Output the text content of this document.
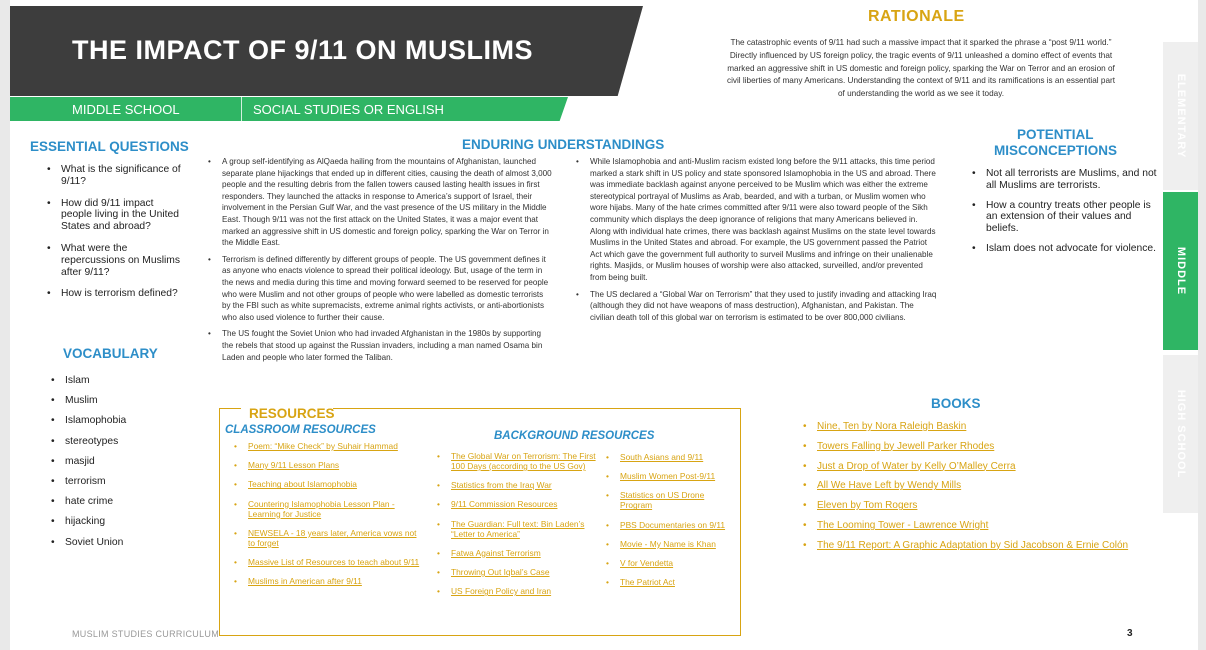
THE IMPACT OF 9/11 ON MUSLIMS
MIDDLE SCHOOL	SOCIAL STUDIES OR ENGLISH
RATIONALE

The catastrophic events of 9/11 had such a massive impact that it sparked the phrase a “post 9/11 world.” Directly influenced by US foreign policy, the tragic events of 9/11 unleashed a domino effect of events that marked an aggressive shift in US domestic and foreign policy, sparking the War on Terror and an erosion of civil liberties of many Americans. Understanding the context of 9/11 and its ramifications is an essential part of understanding the world as we see it today.	ELEMENTARY
MIDDLE
HIGH SCHOOL
ESSENTIAL QUESTIONS
• What is the significance of 9/11?
• How did 9/11 impact people living in the United States and abroad?
• What were the repercussions on Muslims after 9/11?
• How is terrorism defined?
VOCABULARY
• Islam
• Muslim
• Islamophobia
• stereotypes
• masjid
• terrorism
• hate crime
• hijacking
• Soviet Union
ENDURING UNDERSTANDINGS
• A group self-identifying as AlQaeda hailing from the mountains of Afghanistan, launched separate plane hijackings that ended up in different cities, causing the death of almost 3,000 people and the resulting debris from the fallen towers caused lasting health issues in first responders. They launched the attacks in response to America’s support of Israel, their involvement in the Persian Gulf War, and the vast presence of the US military in the Middle East. Though 9/11 was not the first attack on the United States, it was a major event that marked an aggressive shift in US domestic and foreign policy, sparking the War on Terror in the Middle East.
• Terrorism is defined differently by different groups of people. The US government defines it as anyone who enacts violence to spread their political ideology. But, usage of the term in the news and media during this time and moving forward seemed to be reserved for people who were Muslim and not other groups of people who were labelled as domestic terrorists by the FBI such as white supremacists, extreme animal rights activists, or anti-abortionists who also used violence to further their cause.
• The US fought the Soviet Union who had invaded Afghanistan in the 1980s by supporting the rebels that stood up against the Russian invaders, including a man named Osama bin Laden and people who later formed the Taliban.
• While Islamophobia and anti-Muslim racism existed long before the 9/11 attacks, this time period marked a stark shift in US policy and state sponsored Islamophobia in the US and abroad. There was immediate backlash against anyone perceived to be Muslim which was either the extreme stereotypical portrayal of Muslims as Arab, bearded, and with a turban, or Muslim women who wore hijabs. Many of the hate crimes committed after 9/11 were also toward people of the Sikh community which displays the deep ignorance of religions that many Americans believed in. Along with individual hate crimes, there was backlash against Muslims on the state level towards Muslims in the United States and abroad. For example, the US government passed the Patriot Act which gave the government full authority to surveil Muslims and infringe on their unalienable rights. Masjids, or Muslim houses of worship were also attacked, surveilled, and/or prevented from being built.
• The US declared a “Global War on Terrorism” that they used to justify invading and attacking Iraq (although they did not have weapons of mass destruction), Afghanistan, and Pakistan. The civilian death toll of this global war on terrorism is estimated to be over 800,000 civilians.
POTENTIAL
MISCONCEPTIONS
• Not all terrorists are Muslims, and not all Muslims are terrorists.
• How a country treats other people is an extension of their values and beliefs.
• Islam does not advocate for violence.
RESOURCES
CLASSROOM RESOURCES	BACKGROUND RESOURCES
• Poem: “Mike Check” by Suhair Hammad
• Many 9/11 Lesson Plans
• Teaching about Islamophobia
• Countering Islamophobia Lesson Plan - Learning for Justice
• NEWSELA - 18 years later, America vows not to forget
• Massive List of Resources to teach about 9/11
• Muslims in American after 9/11
• The Global War on Terrorism: The First 100 Days (according to the US Gov)
• Statistics from the Iraq War
• 9/11 Commission Resources
• The Guardian: Full text: Bin Laden’s “Letter to America”
• Fatwa Against Terrorism
• Throwing Out Iqbal’s Case
• US Foreign Policy and Iran
• South Asians and 9/11
• Muslim Women Post-9/11
• Statistics on US Drone Program
• PBS Documentaries on 9/11
• Movie - My Name is Khan
• V for Vendetta
• The Patriot Act
BOOKS
• Nine, Ten by Nora Raleigh Baskin
• Towers Falling by Jewell Parker Rhodes
• Just a Drop of Water by Kelly O’Malley Cerra
• All We Have Left by Wendy Mills
• Eleven by Tom Rogers
• The Looming Tower - Lawrence Wright
• The 9/11 Report: A Graphic Adaptation by Sid Jacobson & Ernie Colón
MUSLIM STUDIES CURRICULUM	3
